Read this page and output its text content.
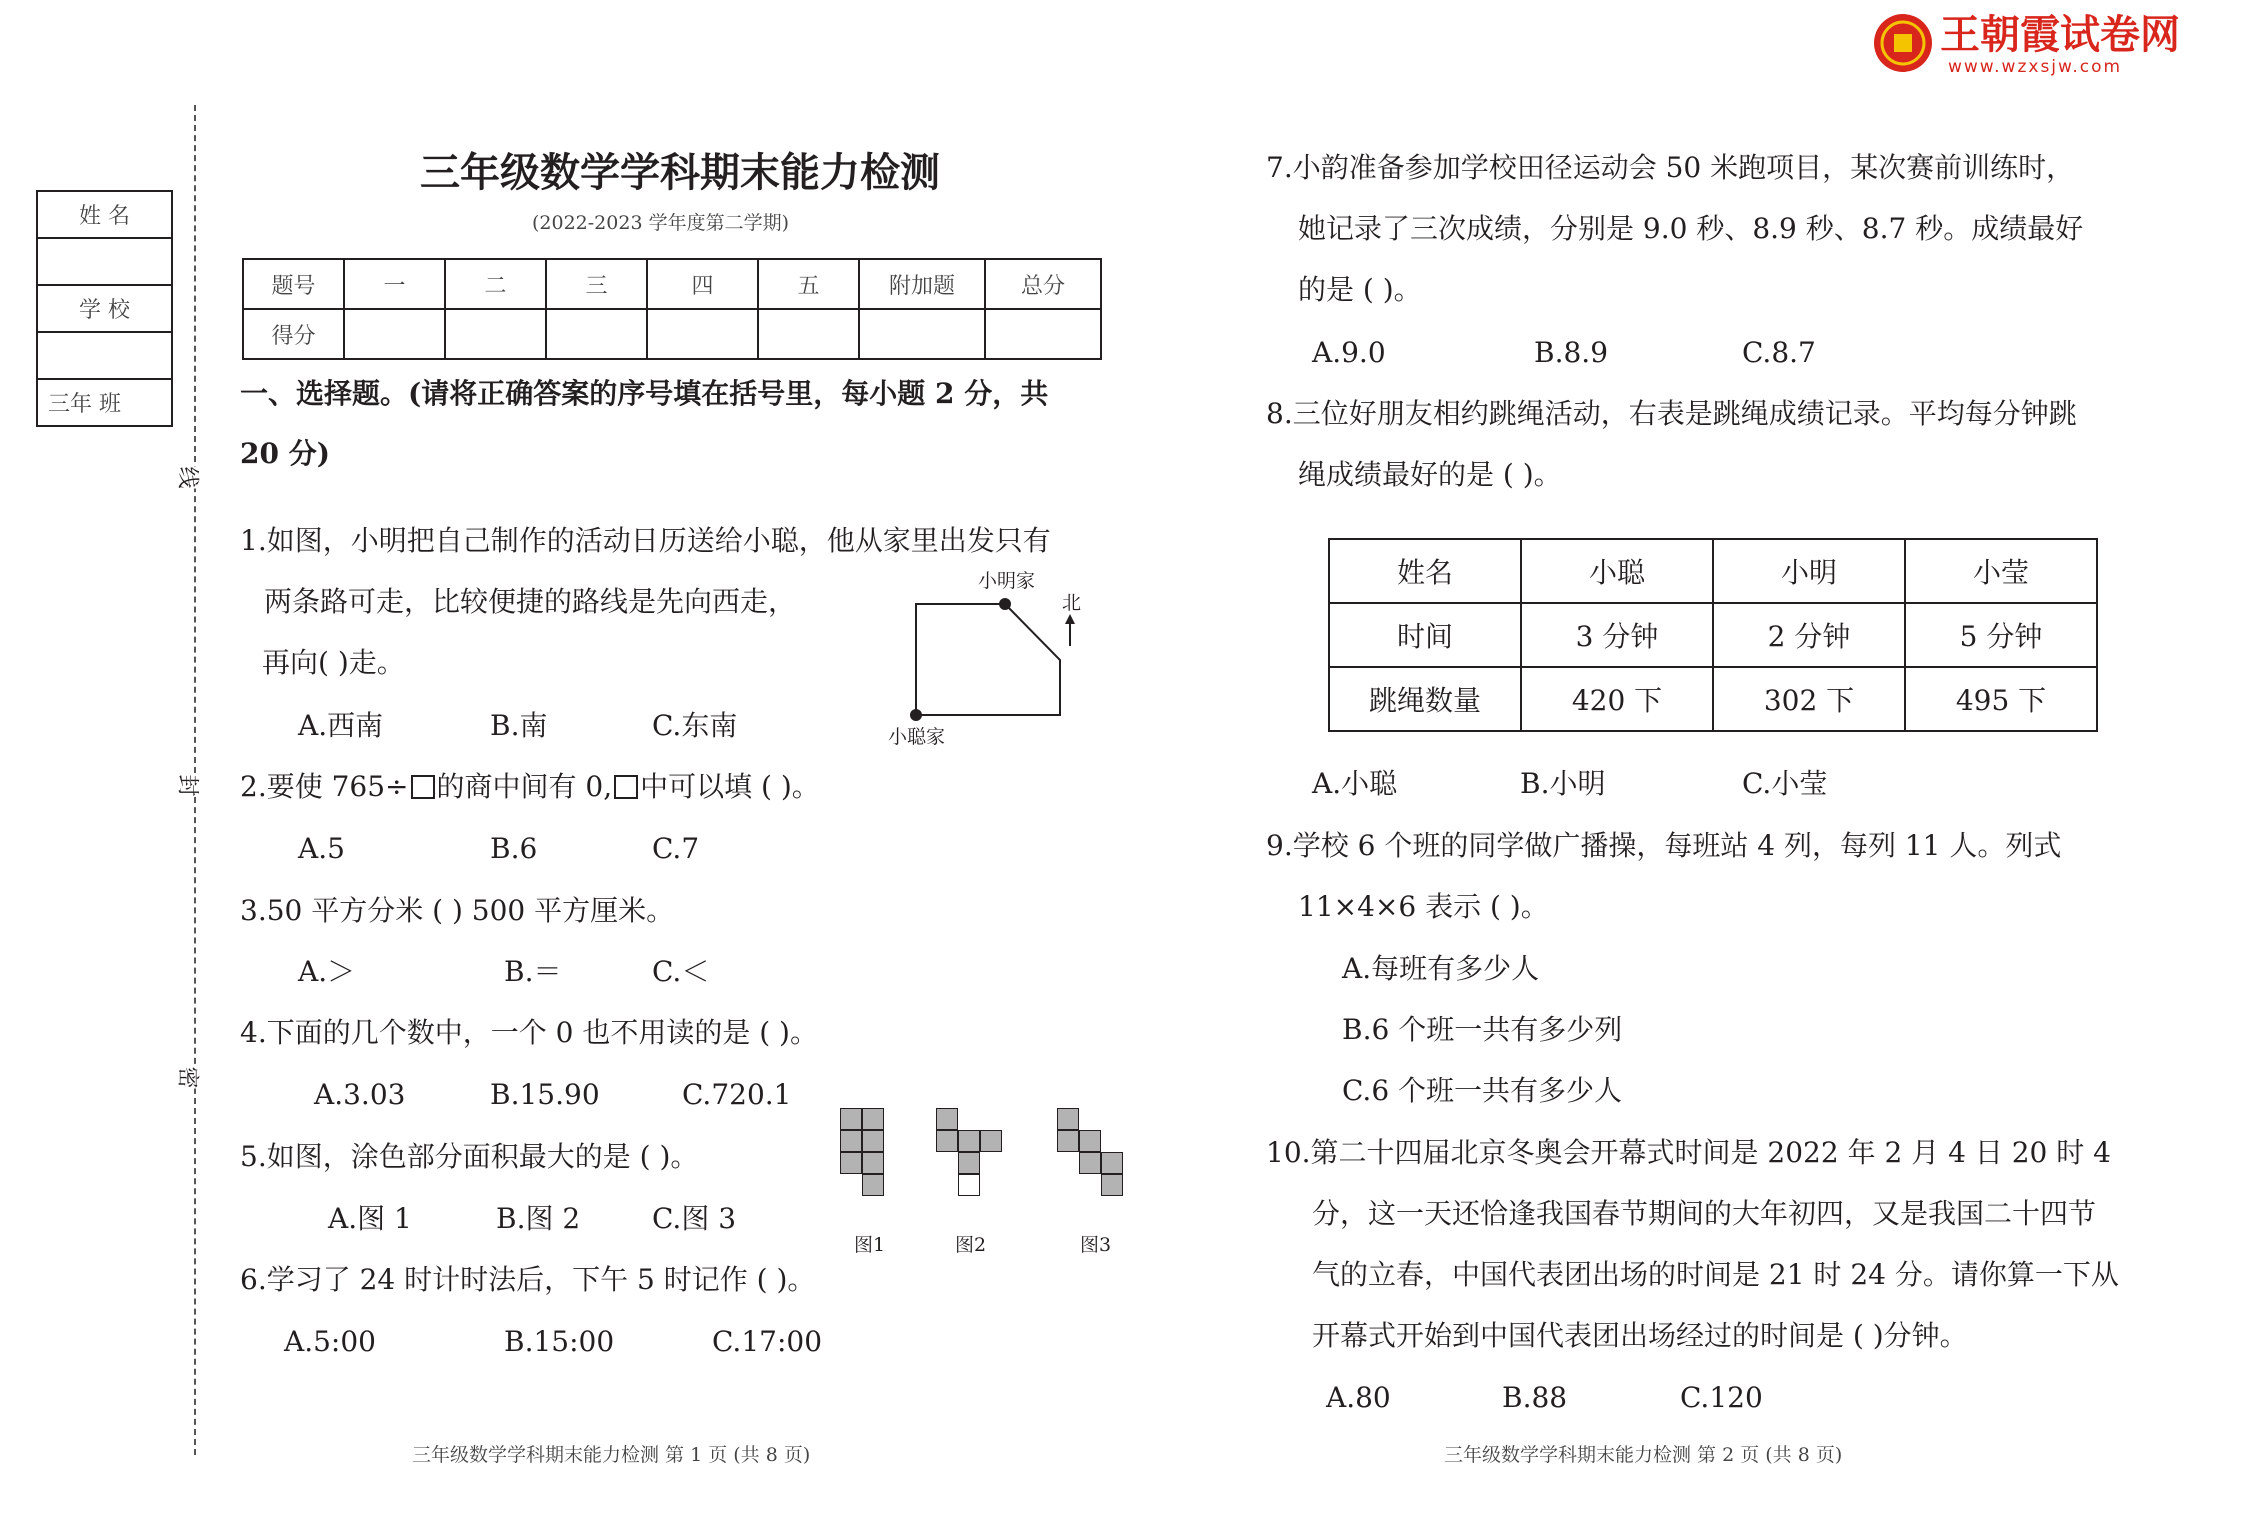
王朝霞试卷网
www.wzxsjw.com
姓 名

学 校

三年 班
线
封
密
三年级数学学科期末能力检测
(2022-2023 学年度第二学期)
题号	一	二	三	四	五	附加题	总分
得分							
一、选择题。(请将正确答案的序号填在括号里，每小题 2 分，共
20 分)
1.如图，小明把自己制作的活动日历送给小聪，他从家里出发只有
两条路可走，比较便捷的路线是先向西走，
再向( )走。
A.西南	B.南	C.东南
小明家
小聪家
北
2.要使 765÷ 的商中间有 0, 中可以填 ( )。
A.5	B.6	C.7
3.50 平方分米 ( ) 500 平方厘米。
A.＞	B.＝	C.＜
4.下面的几个数中，一个 0 也不用读的是 ( )。
A.3.03	B.15.90	C.720.1
5.如图，涂色部分面积最大的是 ( )。
A.图 1	B.图 2	C.图 3
图1	图2	图3
6.学习了 24 时计时法后，下午 5 时记作 ( )。
A.5:00	B.15:00	C.17:00
三年级数学学科期末能力检测 第 1 页 (共 8 页)
7.小韵准备参加学校田径运动会 50 米跑项目，某次赛前训练时，
她记录了三次成绩，分别是 9.0 秒、8.9 秒、8.7 秒。成绩最好
的是 ( )。
A.9.0	B.8.9	C.8.7
8.三位好朋友相约跳绳活动，右表是跳绳成绩记录。平均每分钟跳
绳成绩最好的是 ( )。
姓名	小聪	小明	小莹
时间	3 分钟	2 分钟	5 分钟
跳绳数量	420 下	302 下	495 下
A.小聪	B.小明	C.小莹
9.学校 6 个班的同学做广播操，每班站 4 列，每列 11 人。列式
11×4×6 表示 ( )。
A.每班有多少人
B.6 个班一共有多少列
C.6 个班一共有多少人
10.第二十四届北京冬奥会开幕式时间是 2022 年 2 月 4 日 20 时 4
分，这一天还恰逢我国春节期间的大年初四，又是我国二十四节
气的立春，中国代表团出场的时间是 21 时 24 分。请你算一下从
开幕式开始到中国代表团出场经过的时间是 ( )分钟。
A.80	B.88	C.120
三年级数学学科期末能力检测 第 2 页 (共 8 页)
